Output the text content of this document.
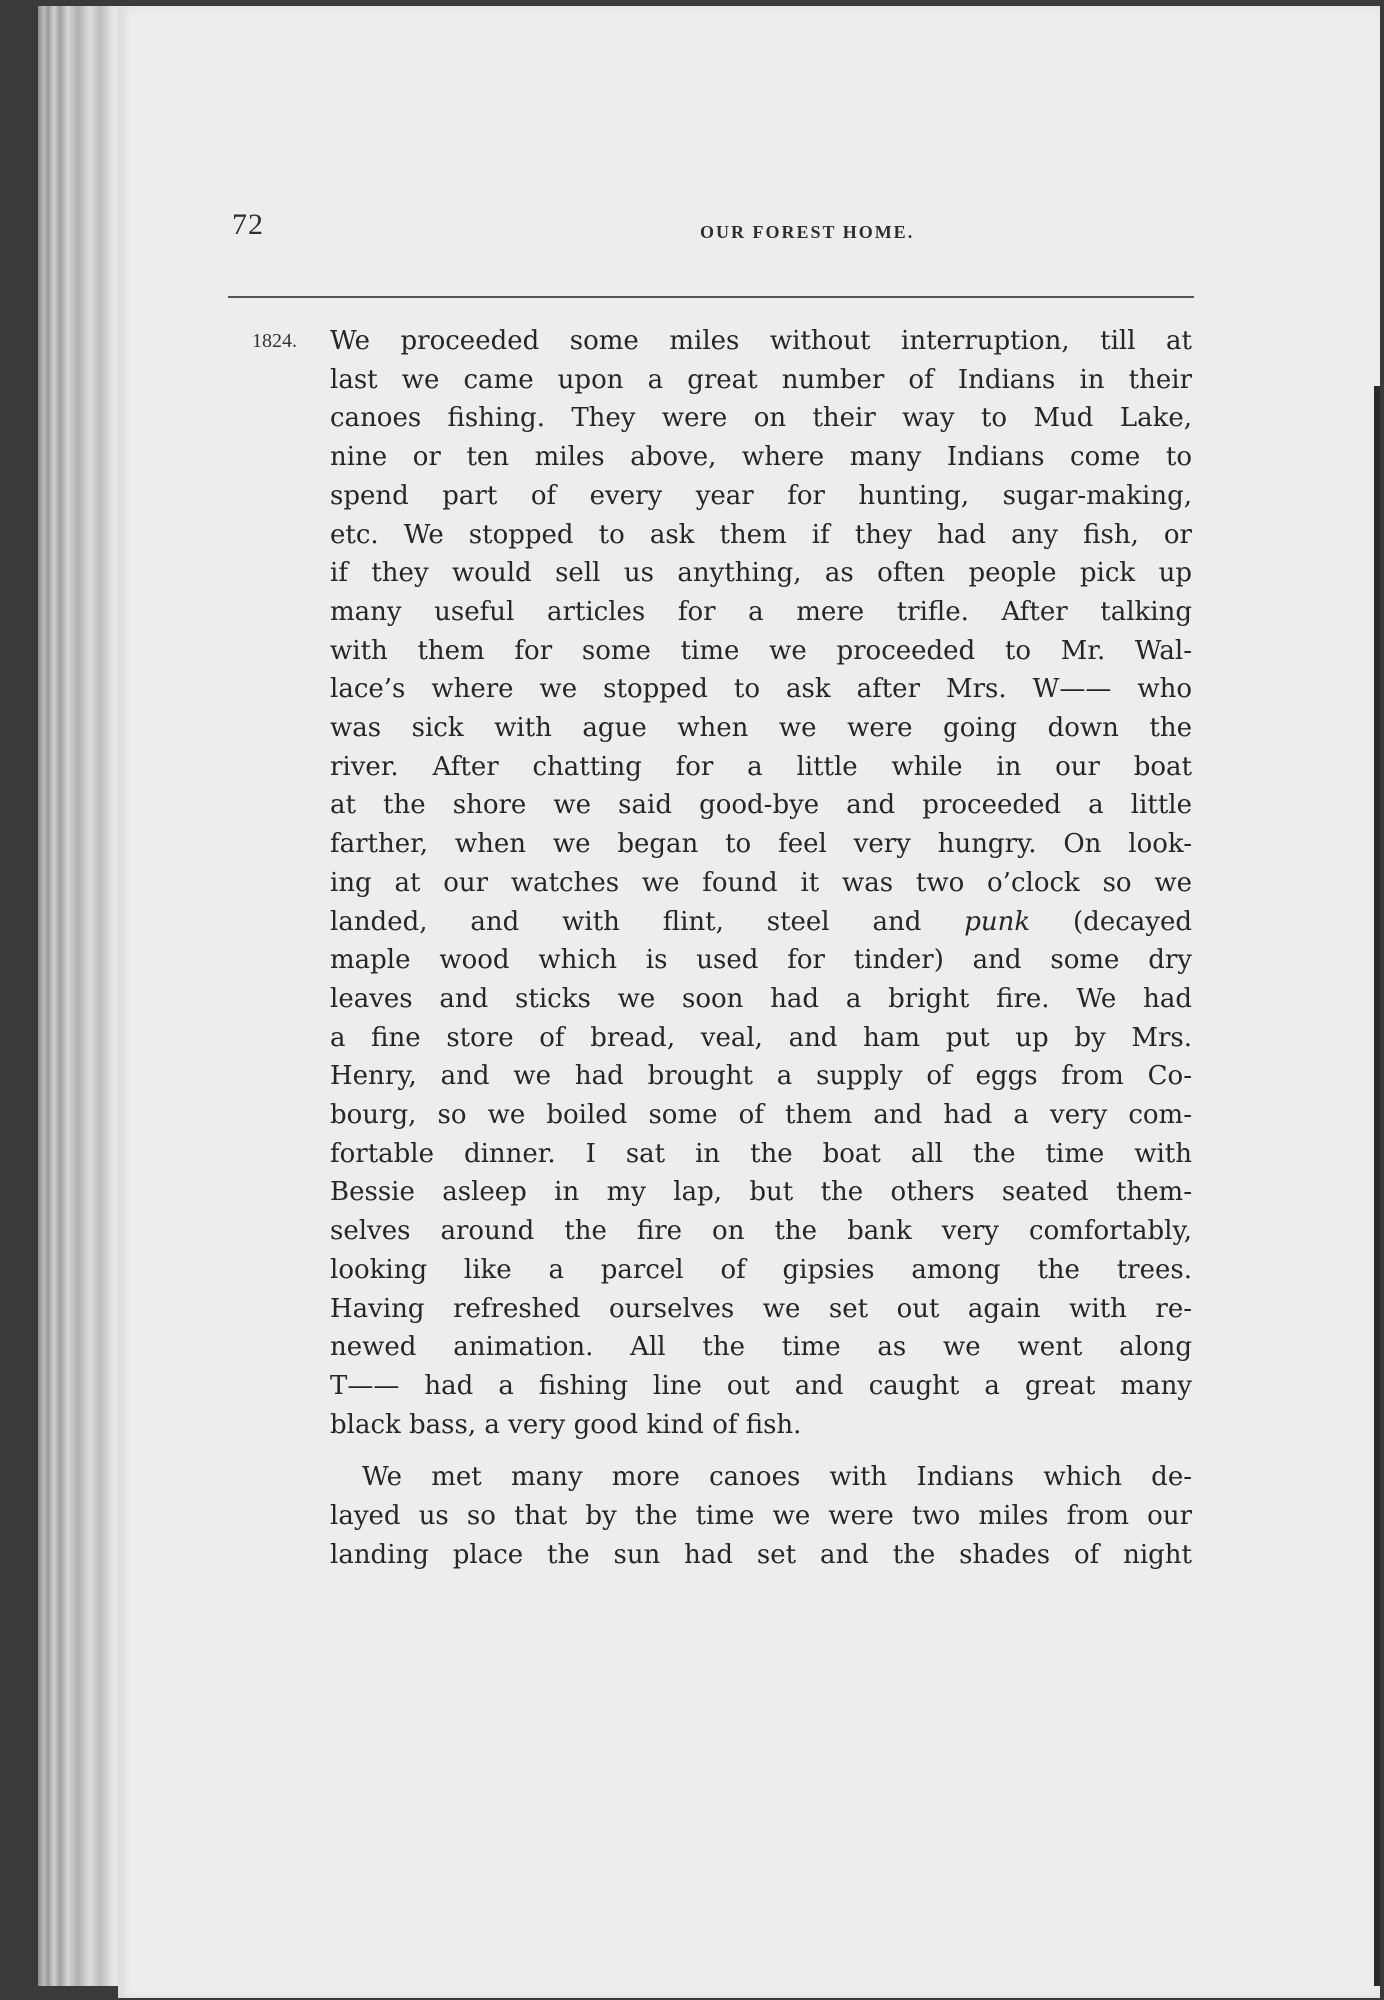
72	OUR FOREST HOME.
1824. We proceeded some miles without interruption, till at
last we came upon a great number of Indians in their
canoes fishing. They were on their way to Mud Lake,
nine or ten miles above, where many Indians come to
spend part of every year for hunting, sugar-making,
etc. We stopped to ask them if they had any fish, or
if they would sell us anything, as often people pick up
many useful articles for a mere trifle. After talking
with them for some time we proceeded to Mr. Wal-
lace’s where we stopped to ask after Mrs. W—— who
was sick with ague when we were going down the
river. After chatting for a little while in our boat
at the shore we said good-bye and proceeded a little
farther, when we began to feel very hungry. On look-
ing at our watches we found it was two o’clock so we
landed, and with flint, steel and punk (decayed
maple wood which is used for tinder) and some dry
leaves and sticks we soon had a bright fire. We had
a fine store of bread, veal, and ham put up by Mrs.
Henry, and we had brought a supply of eggs from Co-
bourg, so we boiled some of them and had a very com-
fortable dinner. I sat in the boat all the time with
Bessie asleep in my lap, but the others seated them-
selves around the fire on the bank very comfortably,
looking like a parcel of gipsies among the trees.
Having refreshed ourselves we set out again with re-
newed animation. All the time as we went along
T—— had a fishing line out and caught a great many
black bass, a very good kind of fish.

We met many more canoes with Indians which de-
layed us so that by the time we were two miles from our
landing place the sun had set and the shades of night
